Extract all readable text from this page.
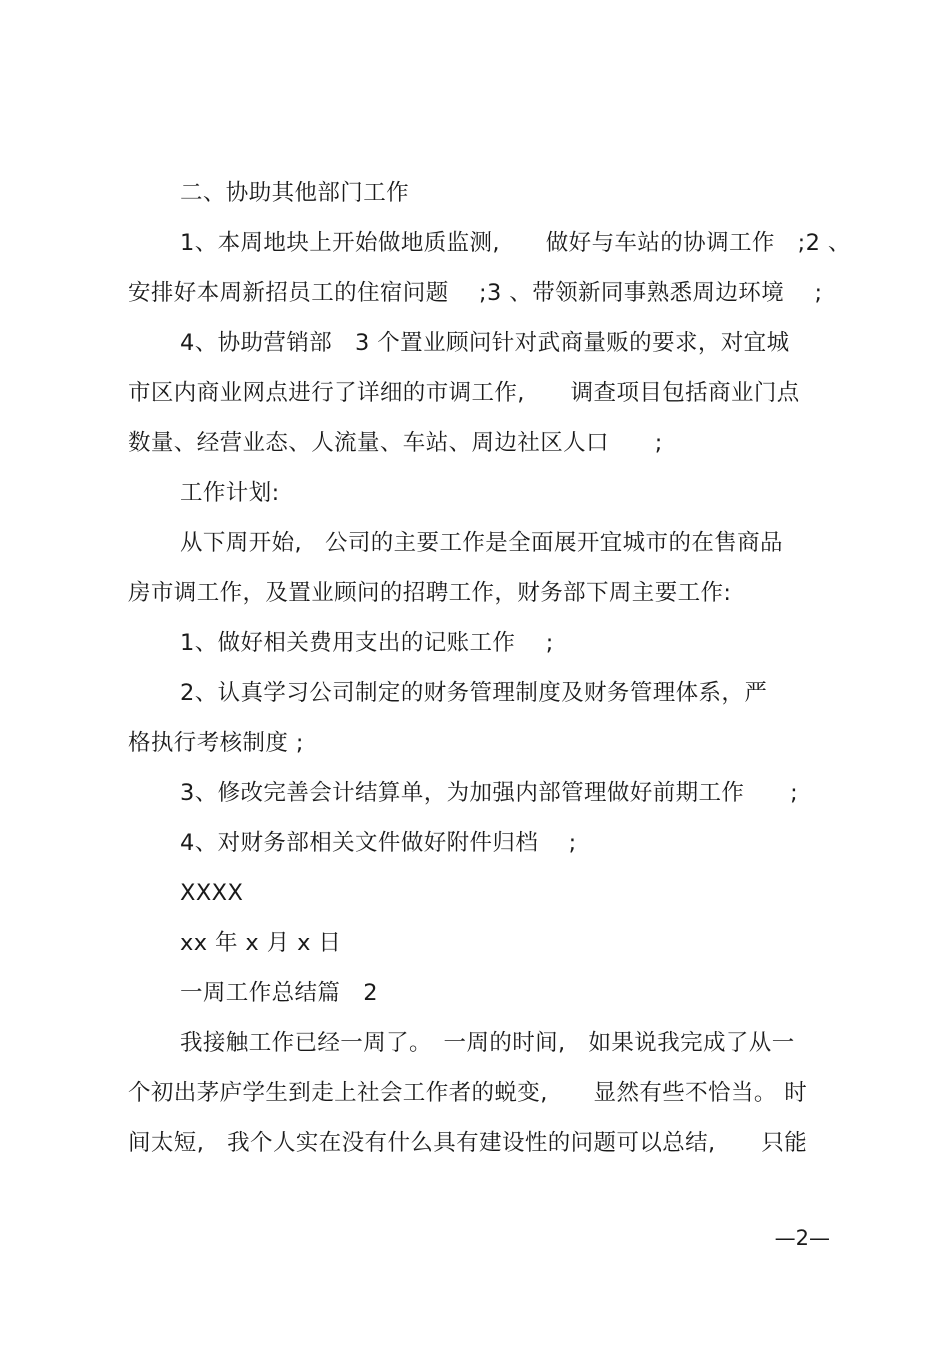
二、协助其他部门工作
1、本周地块上开始做地质监测,　　做好与车站的协调工作　;2 、
安排好本周新招员工的住宿问题　 ;3 、带领新同事熟悉周边环境　 ;
4、协助营销部　3 个置业顾问针对武商量贩的要求，对宜城
市区内商业网点进行了详细的市调工作,　　调查项目包括商业门点
数量、经营业态、人流量、车站、周边社区人口　　;
工作计划:
从下周开始,　公司的主要工作是全面展开宜城市的在售商品
房市调工作，及置业顾问的招聘工作，财务部下周主要工作:
1、做好相关费用支出的记账工作　 ;
2、认真学习公司制定的财务管理制度及财务管理体系，严
格执行考核制度 ;
3、修改完善会计结算单，为加强内部管理做好前期工作　　;
4、对财务部相关文件做好附件归档　 ;
XXXX
xx 年 x 月 x 日
一周工作总结篇　2
我接触工作已经一周了。　一周的时间,　如果说我完成了从一
个初出茅庐学生到走上社会工作者的蜕变,　　显然有些不恰当。 时
间太短,　我个人实在没有什么具有建设性的问题可以总结,　　只能
—2—
